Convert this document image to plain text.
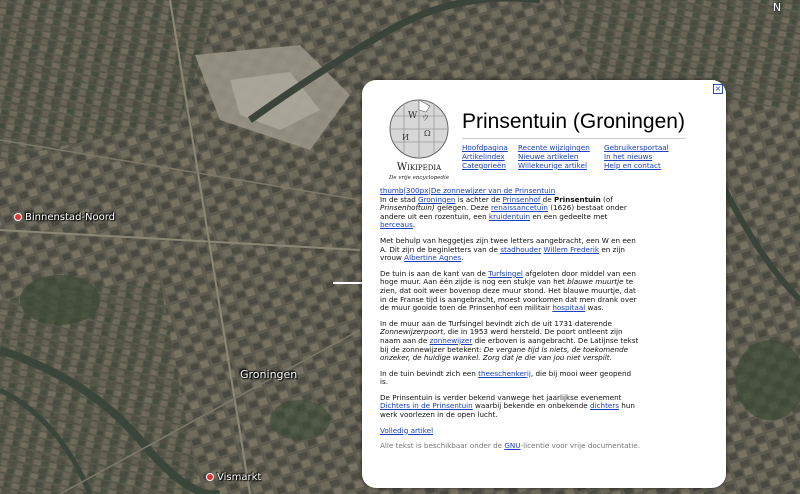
Binnenstad-Noord
Groningen
Vismarkt
N
×
W
Ω
И
ウ
Wikipedia
De vrije encyclopedie
Prinsentuin (Groningen)
Hoofdpagina
Artikelindex
Categorieën
Recente wijzigingen
Nieuwe artikelen
Willekeurige artikel
Gebruikersportaal
In het nieuws
Help en contact

thumb|300px|De zonnewijzer van de Prinsentuin
In de stad Groningen is achter de Prinsenhof de Prinsentuin (of Prinsenhoftuin) gelegen. Deze renaissancetuin (1626) bestaat onder andere uit een rozentuin, een kruidentuin en een gedeelte met berceaus.

Met behulp van heggetjes zijn twee letters aangebracht, een W en een A. Dit zijn de beginletters van de stadhouder Willem Frederik en zijn vrouw Albertine Agnes.

De tuin is aan de kant van de Turfsingel afgeloten door middel van een hoge muur. Aan één zijde is nog een stukje van het blauwe muurtje te zien, dat ooit weer bovenop deze muur stond. Het blauwe muurtje, dat in de Franse tijd is aangebracht, moest voorkomen dat men drank over de muur gooide toen de Prinsenhof een militair hospitaal was.

In de muur aan de Turfsingel bevindt zich de uit 1731 daterende Zonnewijzerpoort, die in 1953 werd hersteld. De poort ontleent zijn naam aan de zonnewijzer die erboven is aangebracht. De Latijnse tekst bij de zonnewijzer betekent: De vergane tijd is niets, de toekomende onzeker, de huidige wankel. Zorg dat je die van jou niet verspilt.

In de tuin bevindt zich een theeschenkerij, die bij mooi weer geopend is.

De Prinsentuin is verder bekend vanwege het jaarlijkse evenement Dichters in de Prinsentuin waarbij bekende en onbekende dichters hun werk voorlezen in de open lucht.

Volledig artikel

Alle tekst is beschikbaar onder de GNU-licentie voor vrije documentatie.
